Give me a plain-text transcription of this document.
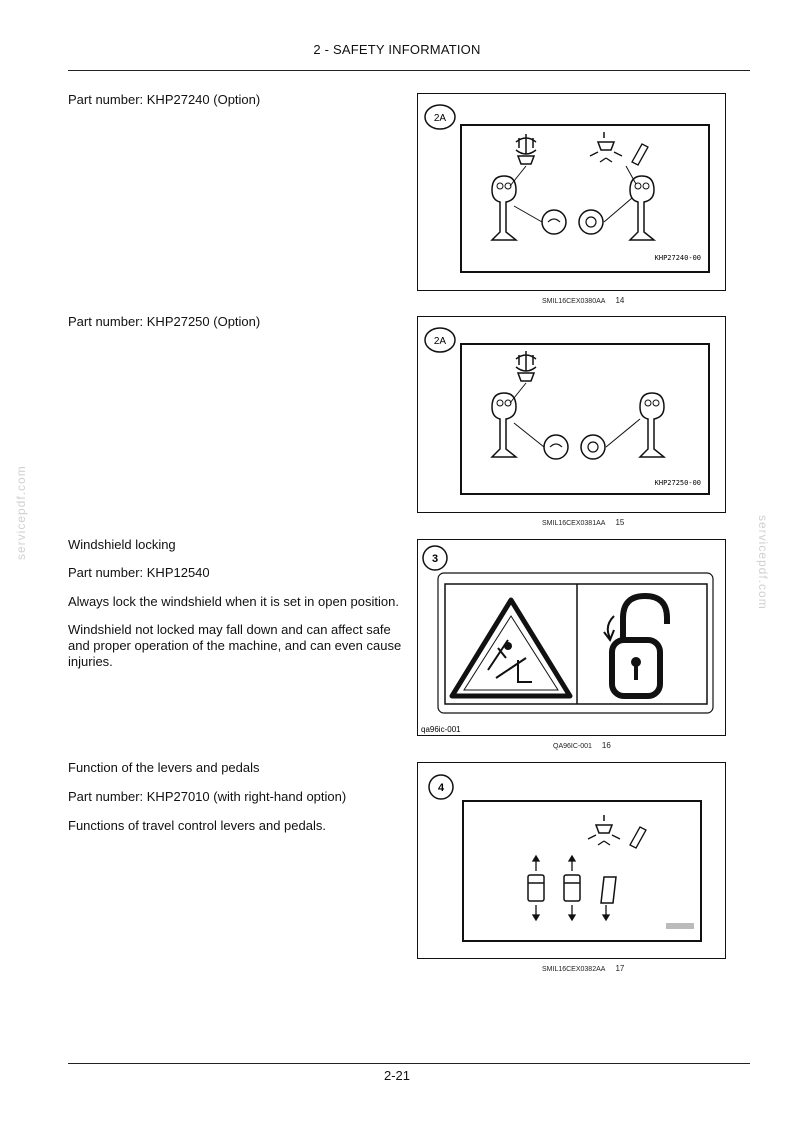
2 - SAFETY INFORMATION
servicepdf.com
servicepdf.com
Part number: KHP27240 (Option)
2A
KHP27240-00
SMIL16CEX0380AA 14
Part number: KHP27250 (Option)
2A
KHP27250-00
SMIL16CEX0381AA 15
Windshield locking
Part number: KHP12540
Always lock the windshield when it is set in open position.
Windshield not locked may fall down and can affect safe and proper operation of the machine, and can even cause injuries.
3
qa96ic-001
QA96IC-001 16
Function of the levers and pedals
Part number: KHP27010 (with right-hand option)
Functions of travel control levers and pedals.
4
SMIL16CEX0382AA 17
2-21
